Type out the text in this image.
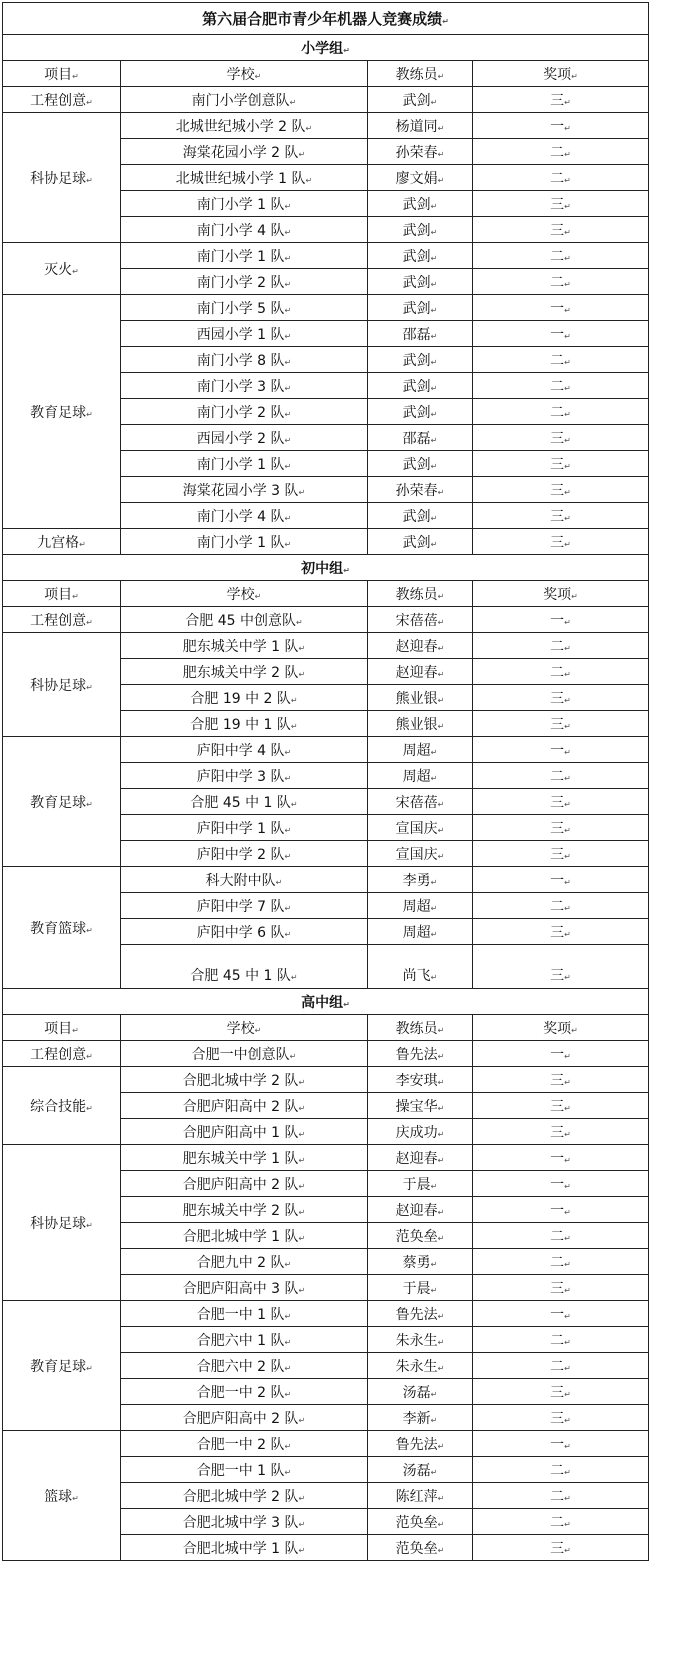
第六届合肥市青少年机器人竞赛成绩↵			
小学组↵			
项目↵	学校↵	教练员↵	奖项↵
工程创意↵	南门小学创意队↵	武剑↵	三↵
科协足球↵	北城世纪城小学 2 队↵	杨道同↵	一↵
	海棠花园小学 2 队↵	孙荣春↵	二↵
	北城世纪城小学 1 队↵	廖文娟↵	二↵
	南门小学 1 队↵	武剑↵	三↵
	南门小学 4 队↵	武剑↵	三↵
灭火↵	南门小学 1 队↵	武剑↵	二↵
	南门小学 2 队↵	武剑↵	二↵
教育足球↵	南门小学 5 队↵	武剑↵	一↵
	西园小学 1 队↵	邵磊↵	一↵
	南门小学 8 队↵	武剑↵	二↵
	南门小学 3 队↵	武剑↵	二↵
	南门小学 2 队↵	武剑↵	二↵
	西园小学 2 队↵	邵磊↵	三↵
	南门小学 1 队↵	武剑↵	三↵
	海棠花园小学 3 队↵	孙荣春↵	三↵
	南门小学 4 队↵	武剑↵	三↵
九宫格↵	南门小学 1 队↵	武剑↵	三↵
初中组↵			
项目↵	学校↵	教练员↵	奖项↵
工程创意↵	合肥 45 中创意队↵	宋蓓蓓↵	一↵
科协足球↵	肥东城关中学 1 队↵	赵迎春↵	二↵
	肥东城关中学 2 队↵	赵迎春↵	二↵
	合肥 19 中 2 队↵	熊业银↵	三↵
	合肥 19 中 1 队↵	熊业银↵	三↵
教育足球↵	庐阳中学 4 队↵	周超↵	一↵
	庐阳中学 3 队↵	周超↵	二↵
	合肥 45 中 1 队↵	宋蓓蓓↵	三↵
	庐阳中学 1 队↵	宣国庆↵	三↵
	庐阳中学 2 队↵	宣国庆↵	三↵
教育篮球↵	科大附中队↵	李勇↵	一↵
	庐阳中学 7 队↵	周超↵	二↵
	庐阳中学 6 队↵	周超↵	三↵
	合肥 45 中 1 队↵	尚飞↵	三↵
高中组↵			
项目↵	学校↵	教练员↵	奖项↵
工程创意↵	合肥一中创意队↵	鲁先法↵	一↵
综合技能↵	合肥北城中学 2 队↵	李安琪↵	三↵
	合肥庐阳高中 2 队↵	操宝华↵	三↵
	合肥庐阳高中 1 队↵	庆成功↵	三↵
科协足球↵	肥东城关中学 1 队↵	赵迎春↵	一↵
	合肥庐阳高中 2 队↵	于晨↵	一↵
	肥东城关中学 2 队↵	赵迎春↵	一↵
	合肥北城中学 1 队↵	范奂垒↵	二↵
	合肥九中 2 队↵	蔡勇↵	二↵
	合肥庐阳高中 3 队↵	于晨↵	三↵
教育足球↵	合肥一中 1 队↵	鲁先法↵	一↵
	合肥六中 1 队↵	朱永生↵	二↵
	合肥六中 2 队↵	朱永生↵	二↵
	合肥一中 2 队↵	汤磊↵	三↵
	合肥庐阳高中 2 队↵	李新↵	三↵
篮球↵	合肥一中 2 队↵	鲁先法↵	一↵
	合肥一中 1 队↵	汤磊↵	二↵
	合肥北城中学 2 队↵	陈红萍↵	二↵
	合肥北城中学 3 队↵	范奂垒↵	二↵
	合肥北城中学 1 队↵	范奂垒↵	三↵
